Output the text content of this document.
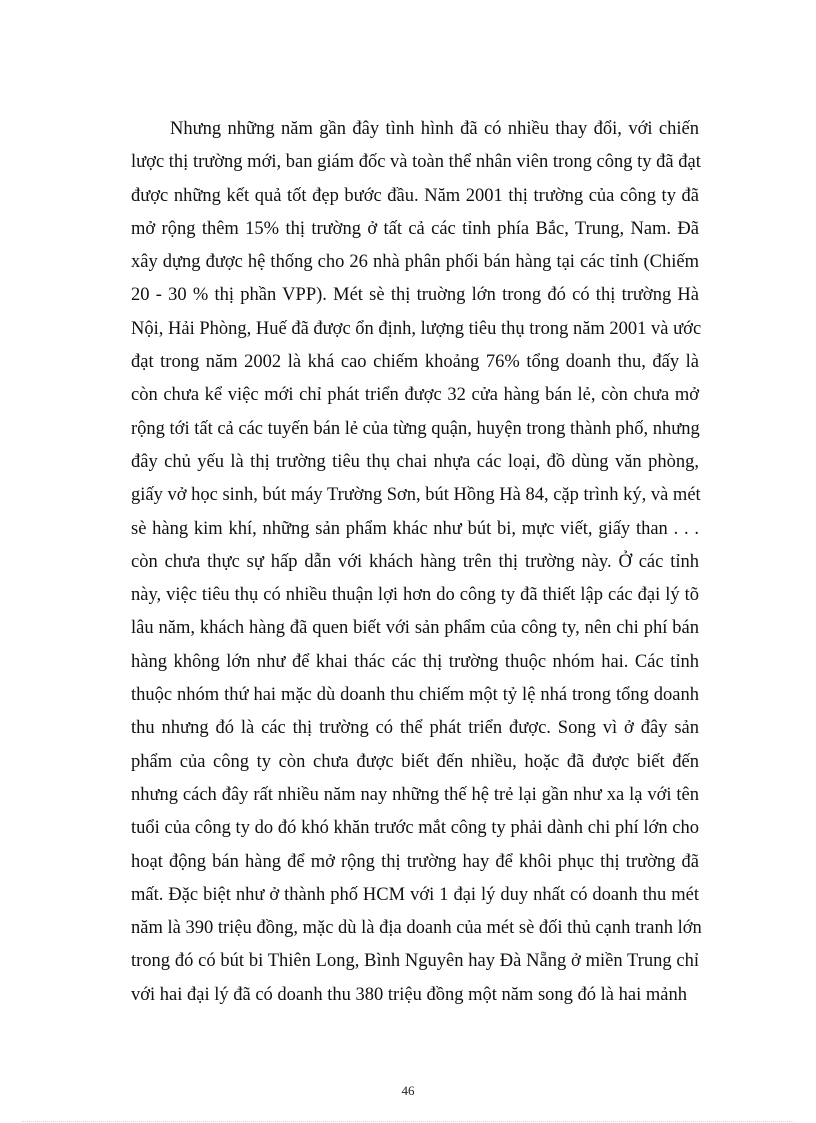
Nhưng những năm gần đây tình hình đã có nhiều thay đổi, với chiến
lược thị trường mới, ban giám đốc và toàn thể nhân viên trong công ty đã đạt
được những kết quả tốt đẹp bước đầu. Năm 2001 thị trường của công ty đã
mở rộng thêm 15% thị trường ở tất cả các tỉnh phía Bắc, Trung, Nam. Đã
xây dựng được hệ thống cho 26 nhà phân phối bán hàng tại các tỉnh (Chiếm
20 - 30 % thị phần VPP). Mét sè thị truờng lớn trong đó có thị trường Hà
Nội, Hải Phòng, Huế đã được ổn định, lượng tiêu thụ trong năm 2001 và ước
đạt trong năm 2002 là khá cao chiếm khoảng 76% tổng doanh thu, đấy là
còn chưa kể việc mới chỉ phát triển được 32 cửa hàng bán lẻ, còn chưa mở
rộng tới tất cả các tuyến bán lẻ của từng quận, huyện trong thành phố, nhưng
đây chủ yếu là thị trường tiêu thụ chai nhựa các loại, đồ dùng văn phòng,
giấy vở học sinh, bút máy Trường Sơn, bút Hồng Hà 84, cặp trình ký, và mét
sè hàng kim khí, những sản phẩm khác như bút bi, mực viết, giấy than . . .
còn chưa thực sự hấp dẫn với khách hàng trên thị trường này. Ở các tỉnh
này, việc tiêu thụ có nhiều thuận lợi hơn do công ty đã thiết lập các đại lý tõ
lâu năm, khách hàng đã quen biết với sản phẩm của công ty, nên chi phí bán
hàng không lớn như để khai thác các thị trường thuộc nhóm hai. Các tỉnh
thuộc nhóm thứ hai mặc dù doanh thu chiếm một tỷ lệ nhá trong tổng doanh
thu nhưng đó là các thị trường có thể phát triển được. Song vì ở đây sản
phẩm của công ty còn chưa được biết đến nhiều, hoặc đã được biết đến
nhưng cách đây rất nhiều năm nay những thế hệ trẻ lại gần như xa lạ với tên
tuổi của công ty do đó khó khăn trước mắt công ty phải dành chi phí lớn cho
hoạt động bán hàng để mở rộng thị trường hay để khôi phục thị trường đã
mất. Đặc biệt như ở thành phố HCM với 1 đại lý duy nhất có doanh thu mét
năm là 390 triệu đồng, mặc dù là địa doanh của mét sè đối thủ cạnh tranh lớn
trong đó có bút bi Thiên Long, Bình Nguyên hay Đà Nẵng ở miền Trung chỉ
với hai đại lý đã có doanh thu 380 triệu đồng một năm song đó là hai mảnh
46
